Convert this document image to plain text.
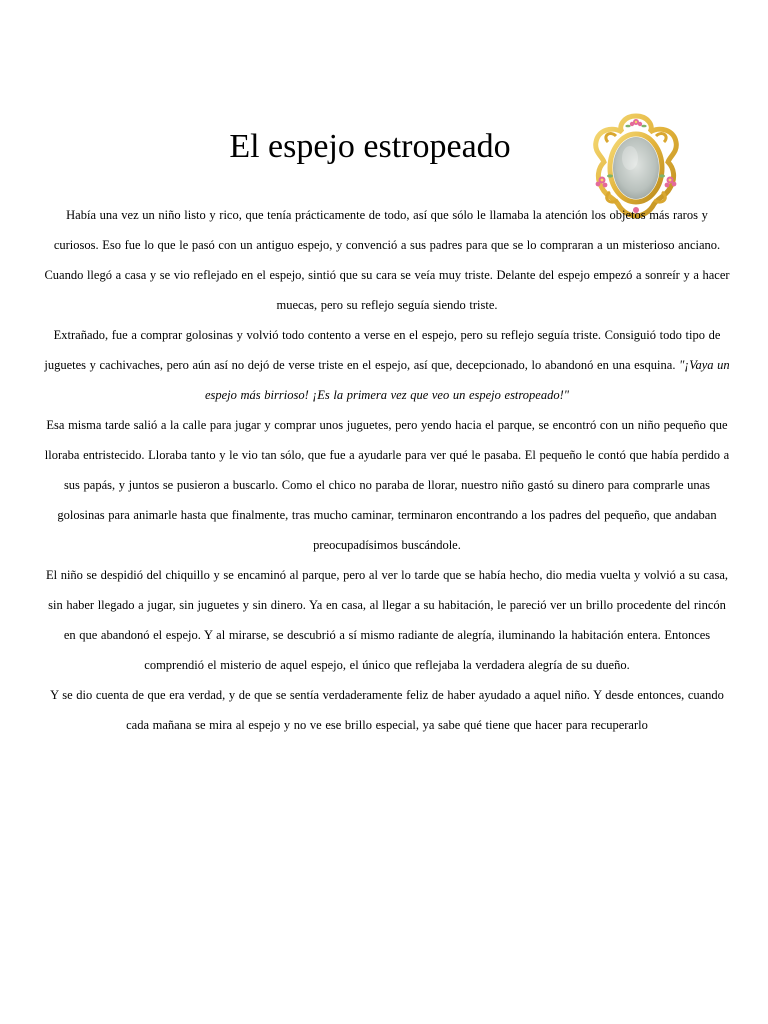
El espejo estropeado

Había una vez un niño listo y rico, que tenía prácticamente de todo, así que sólo le llamaba la atención los objetos más raros y curiosos. Eso fue lo que le pasó con un antiguo espejo, y convenció a sus padres para que se lo compraran a un misterioso anciano. Cuando llegó a casa y se vio reflejado en el espejo, sintió que su cara se veía muy triste. Delante del espejo empezó a sonreír y a hacer muecas, pero su reflejo seguía siendo triste.

Extrañado, fue a comprar golosinas y volvió todo contento a verse en el espejo, pero su reflejo seguía triste. Consiguió todo tipo de juguetes y cachivaches, pero aún así no dejó de verse triste en el espejo, así que, decepcionado, lo abandonó en una esquina. "¡Vaya un espejo más birrioso! ¡Es la primera vez que veo un espejo estropeado!"

Esa misma tarde salió a la calle para jugar y comprar unos juguetes, pero yendo hacia el parque, se encontró con un niño pequeño que lloraba entristecido. Lloraba tanto y le vio tan sólo, que fue a ayudarle para ver qué le pasaba. El pequeño le contó que había perdido a sus papás, y juntos se pusieron a buscarlo. Como el chico no paraba de llorar, nuestro niño gastó su dinero para comprarle unas golosinas para animarle hasta que finalmente, tras mucho caminar, terminaron encontrando a los padres del pequeño, que andaban preocupadísimos buscándole.

El niño se despidió del chiquillo y se encaminó al parque, pero al ver lo tarde que se había hecho, dio media vuelta y volvió a su casa, sin haber llegado a jugar, sin juguetes y sin dinero. Ya en casa, al llegar a su habitación, le pareció ver un brillo procedente del rincón en que abandonó el espejo. Y al mirarse, se descubrió a sí mismo radiante de alegría, iluminando la habitación entera. Entonces comprendió el misterio de aquel espejo, el único que reflejaba la verdadera alegría de su dueño.

Y se dio cuenta de que era verdad, y de que se sentía verdaderamente feliz de haber ayudado a aquel niño. Y desde entonces, cuando cada mañana se mira al espejo y no ve ese brillo especial, ya sabe qué tiene que hacer para recuperarlo
